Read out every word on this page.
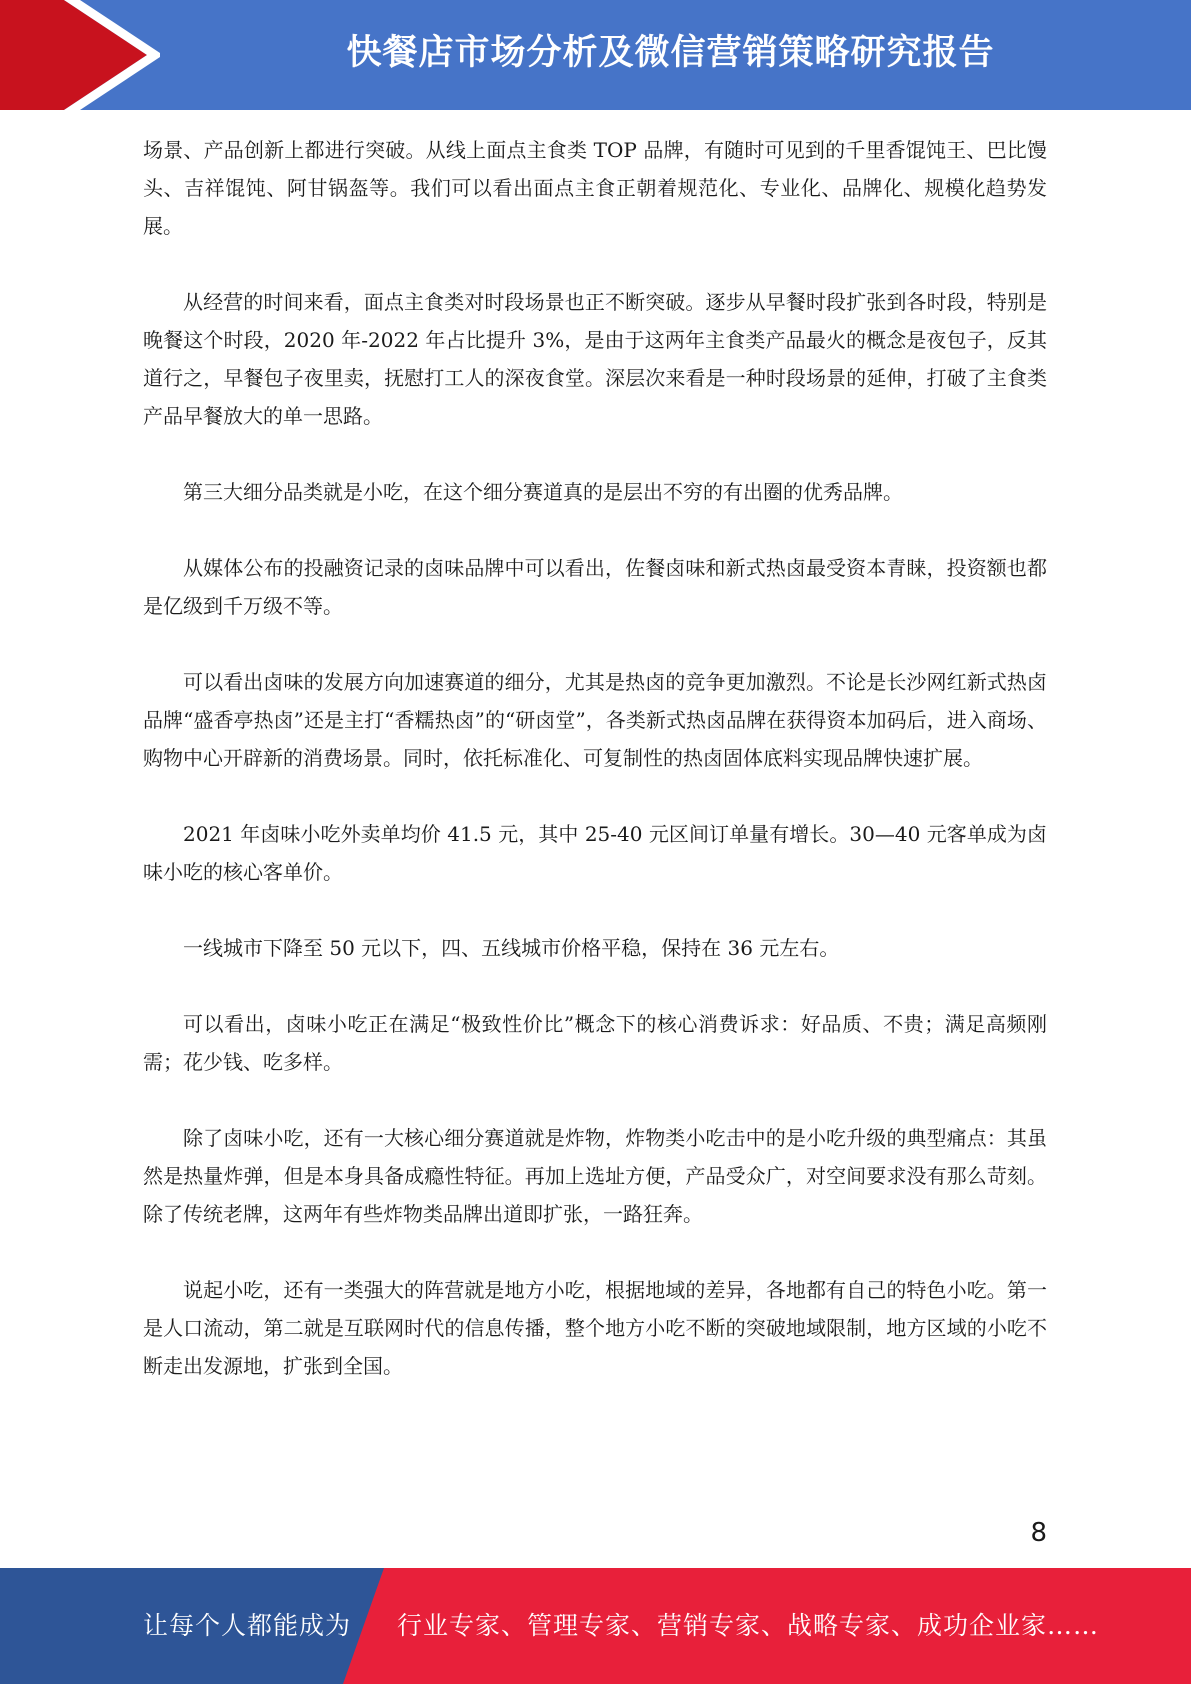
快餐店市场分析及微信营销策略研究报告

场景、产品创新上都进行突破。从线上面点主食类 TOP 品牌，有随时可见到的千里香馄饨王、巴比馒头、吉祥馄饨、阿甘锅盔等。我们可以看出面点主食正朝着规范化、专业化、品牌化、规模化趋势发展。

从经营的时间来看，面点主食类对时段场景也正不断突破。逐步从早餐时段扩张到各时段，特别是晚餐这个时段，2020 年-2022 年占比提升 3%，是由于这两年主食类产品最火的概念是夜包子，反其道行之，早餐包子夜里卖，抚慰打工人的深夜食堂。深层次来看是一种时段场景的延伸，打破了主食类产品早餐放大的单一思路。

第三大细分品类就是小吃，在这个细分赛道真的是层出不穷的有出圈的优秀品牌。

从媒体公布的投融资记录的卤味品牌中可以看出，佐餐卤味和新式热卤最受资本青睐，投资额也都是亿级到千万级不等。

可以看出卤味的发展方向加速赛道的细分，尤其是热卤的竞争更加激烈。不论是长沙网红新式热卤品牌“盛香亭热卤”还是主打“香糯热卤”的“研卤堂”，各类新式热卤品牌在获得资本加码后，进入商场、购物中心开辟新的消费场景。同时，依托标准化、可复制性的热卤固体底料实现品牌快速扩展。

2021 年卤味小吃外卖单均价 41.5 元，其中 25-40 元区间订单量有增长。30—40 元客单成为卤味小吃的核心客单价。

一线城市下降至 50 元以下，四、五线城市价格平稳，保持在 36 元左右。

可以看出，卤味小吃正在满足“极致性价比”概念下的核心消费诉求：好品质、不贵；满足高频刚需；花少钱、吃多样。

除了卤味小吃，还有一大核心细分赛道就是炸物，炸物类小吃击中的是小吃升级的典型痛点：其虽然是热量炸弹，但是本身具备成瘾性特征。再加上选址方便，产品受众广，对空间要求没有那么苛刻。除了传统老牌，这两年有些炸物类品牌出道即扩张，一路狂奔。

说起小吃，还有一类强大的阵营就是地方小吃，根据地域的差异，各地都有自己的特色小吃。第一是人口流动，第二就是互联网时代的信息传播，整个地方小吃不断的突破地域限制，地方区域的小吃不断走出发源地，扩张到全国。

8
让每个人都能成为 行业专家、管理专家、营销专家、战略专家、成功企业家……
